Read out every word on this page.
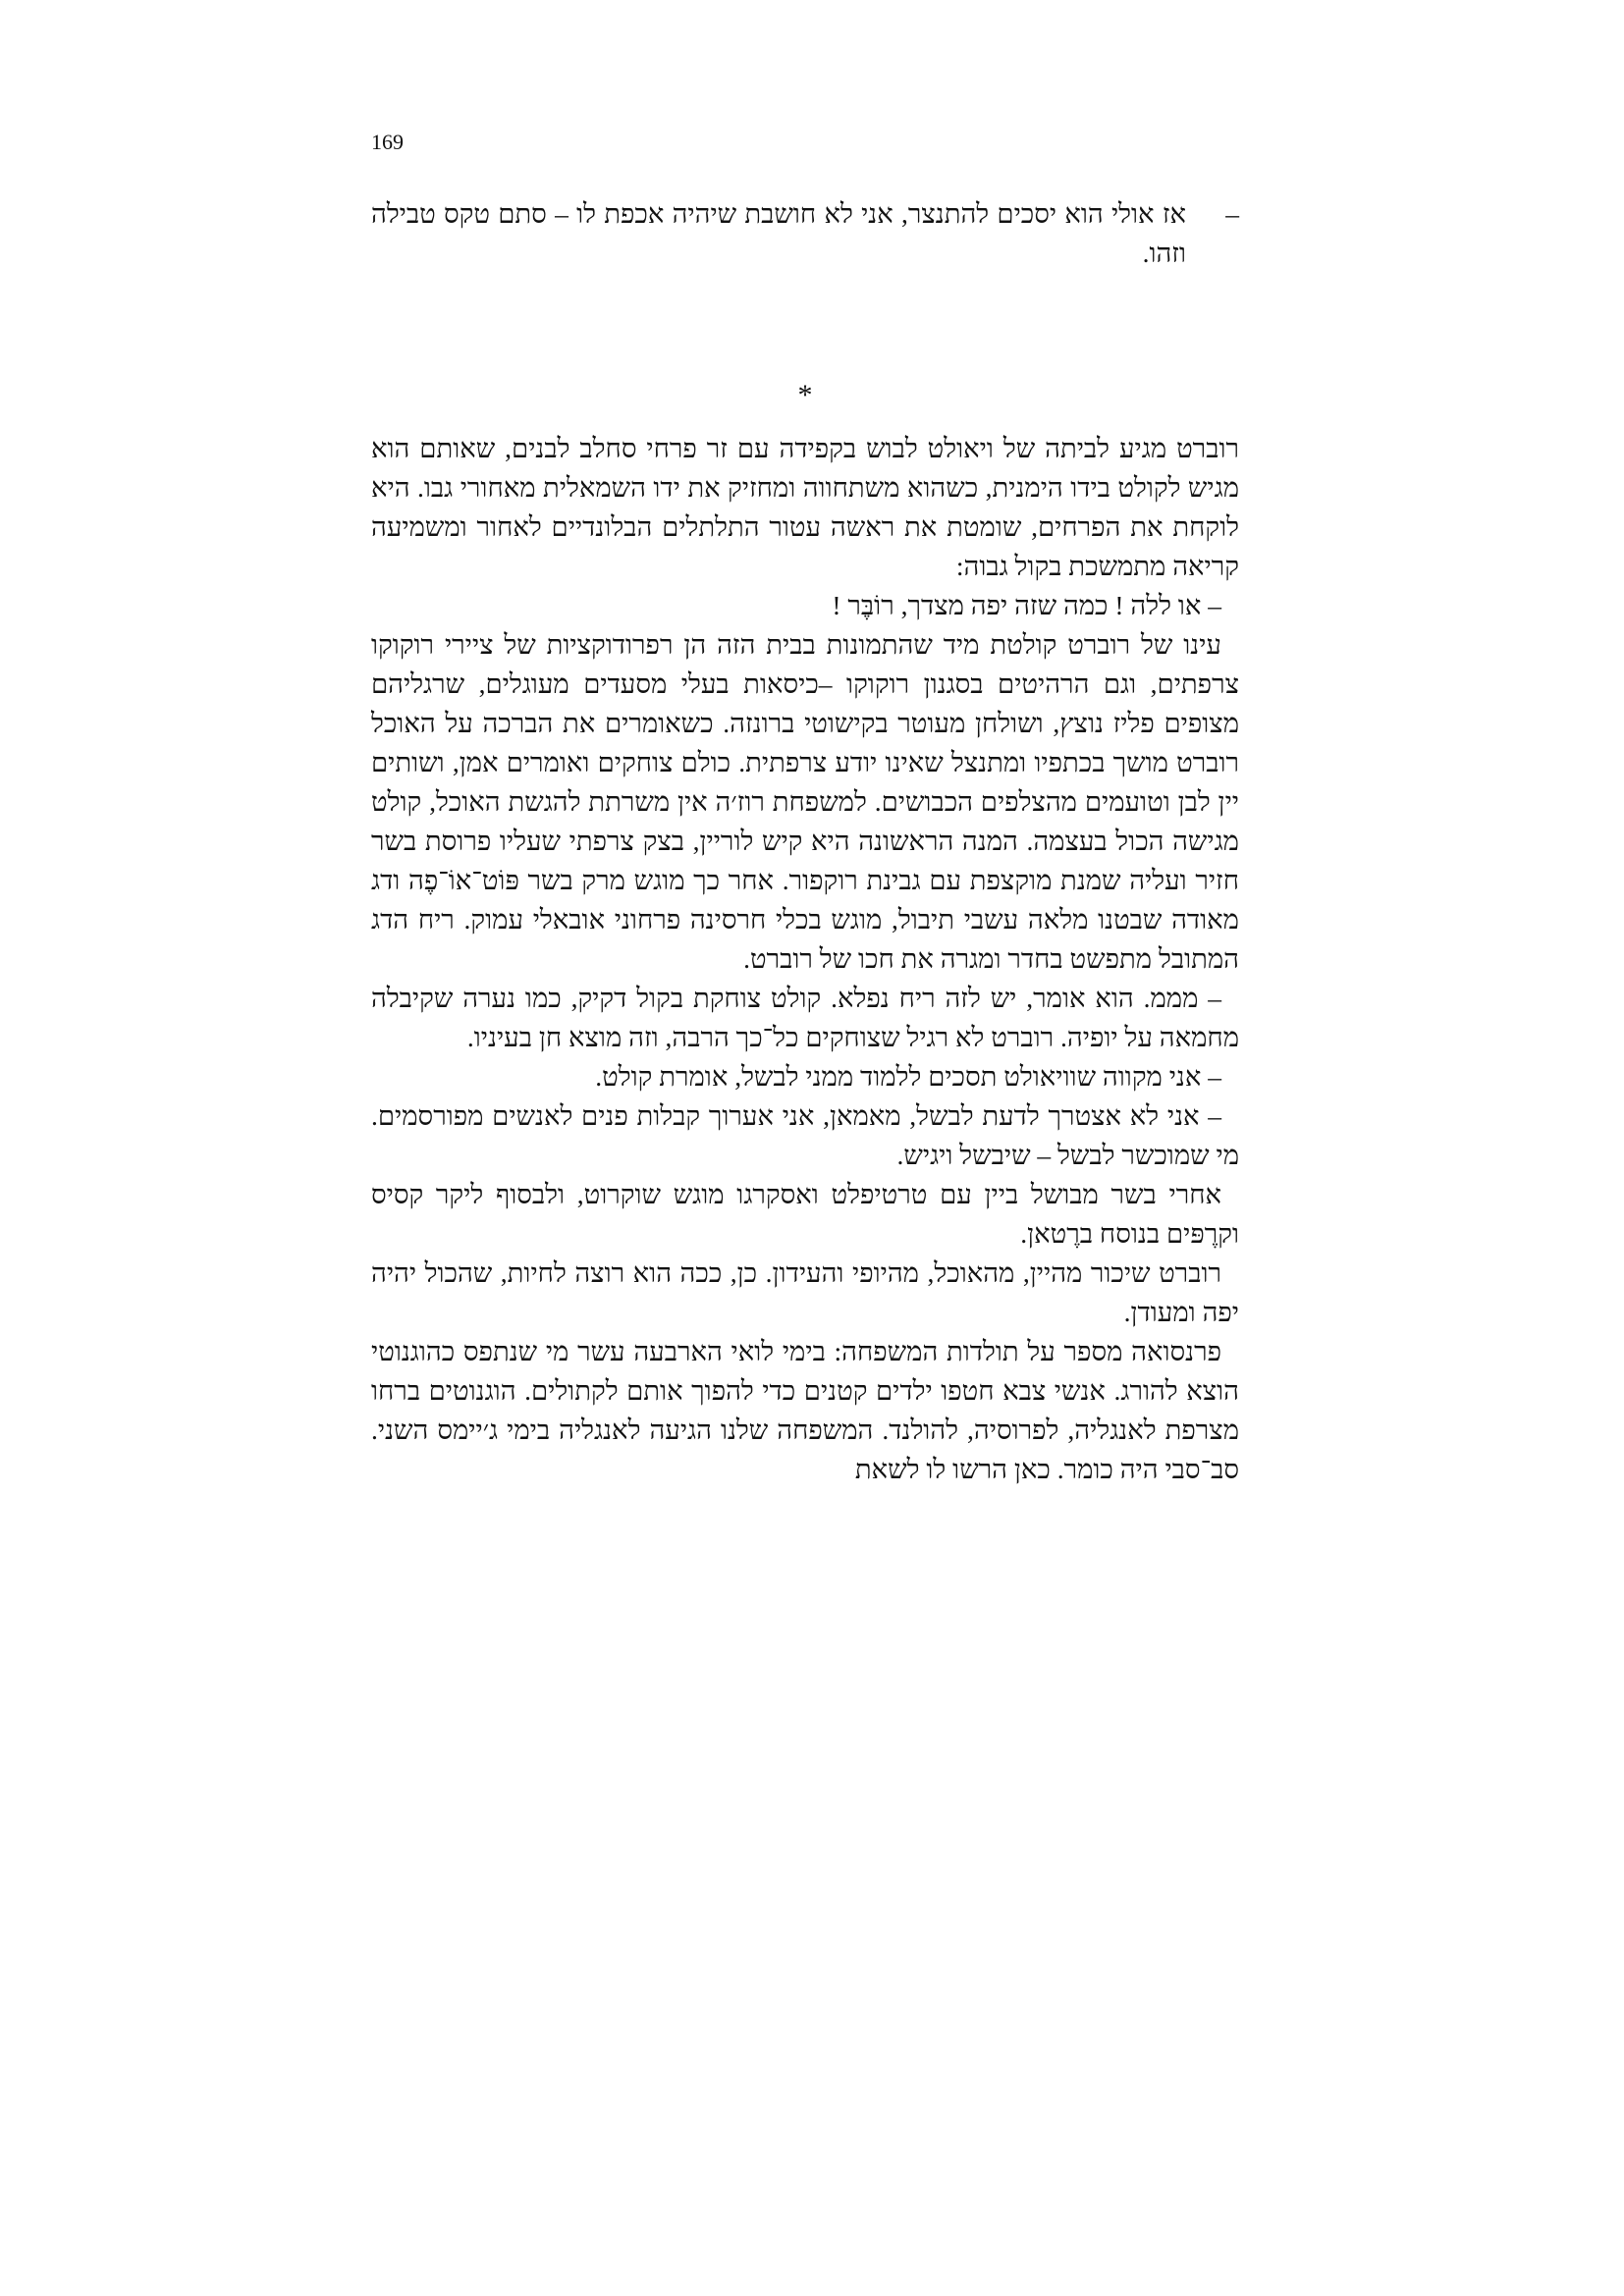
169

–אז אולי הוא יסכים להתנצר, אני לא חושבת שיהיה אכפת לו – סתם טקס טבילה וזהו.

*

רוברט מגיע לביתה של ויאולט לבוש בקפידה עם זר פרחי סחלב לבנים, שאותם הוא מגיש לקולט בידו הימנית, כשהוא משתחווה ומחזיק את ידו השמאלית מאחורי גבו. היא לוקחת את הפרחים, שומטת את ראשה עטור התלתלים הבלונדיים לאחור ומשמיעה קריאה מתמשכת בקול גבוה:

– או ללה ! כמה שזה יפה מצדך, רוֹבֶּר !

עינו של רוברט קולטת מיד שהתמונות בבית הזה הן רפרודוקציות של ציירי רוקוקו צרפתים, וגם הרהיטים בסגנון רוקוקו –כיסאות בעלי מסעדים מעוגלים, שרגליהם מצופים פליז נוצץ, ושולחן מעוטר בקישוטי ברונזה. כשאומרים את הברכה על האוכל רוברט מושך בכתפיו ומתנצל שאינו יודע צרפתית. כולם צוחקים ואומרים אמן, ושותים יין לבן וטועמים מהצלפים הכבושים. למשפחת רוז׳ה אין משרתת להגשת האוכל, קולט מגישה הכול בעצמה. המנה הראשונה היא קיש לוריין, בצק צרפתי שעליו פרוסת בשר חזיר ועליה שמנת מוקצפת עם גבינת רוקפור. אחר כך מוגש מרק בשר פּוֹט־אוֹ־פֶה ודג מאודה שבטנו מלאה עשבי תיבול, מוגש בכלי חרסינה פרחוני אובאלי עמוק. ריח הדג המתובל מתפשט בחדר ומגרה את חכו של רוברט.

– מממ. הוא אומר, יש לזה ריח נפלא. קולט צוחקת בקול דקיק, כמו נערה שקיבלה מחמאה על יופיה. רוברט לא רגיל שצוחקים כל־כך הרבה, וזה מוצא חן בעיניו.

– אני מקווה שוויאולט תסכים ללמוד ממני לבשל, אומרת קולט.

– אני לא אצטרך לדעת לבשל, מאמאן, אני אערוך קבלות פנים לאנשים מפורסמים. מי שמוכשר לבשל – שיבשל ויגיש.

אחרי בשר מבושל ביין עם טרטיפלט ואסקרגו מוגש שוקרוט, ולבסוף ליקר קסיס וקרֶפּים בנוסח ברֶטאן.

רוברט שיכור מהיין, מהאוכל, מהיופי והעידון. כן, ככה הוא רוצה לחיות, שהכול יהיה יפה ומעודן.

פרנסואה מספר על תולדות המשפחה: בימי לואי הארבעה עשר מי שנתפס כהוגנוטי הוצא להורג. אנשי צבא חטפו ילדים קטנים כדי להפוך אותם לקתולים. הוגנוטים ברחו מצרפת לאנגליה, לפרוסיה, להולנד. המשפחה שלנו הגיעה לאנגליה בימי ג׳יימס השני. סב־סבי היה כומר. כאן הרשו לו לשאת
